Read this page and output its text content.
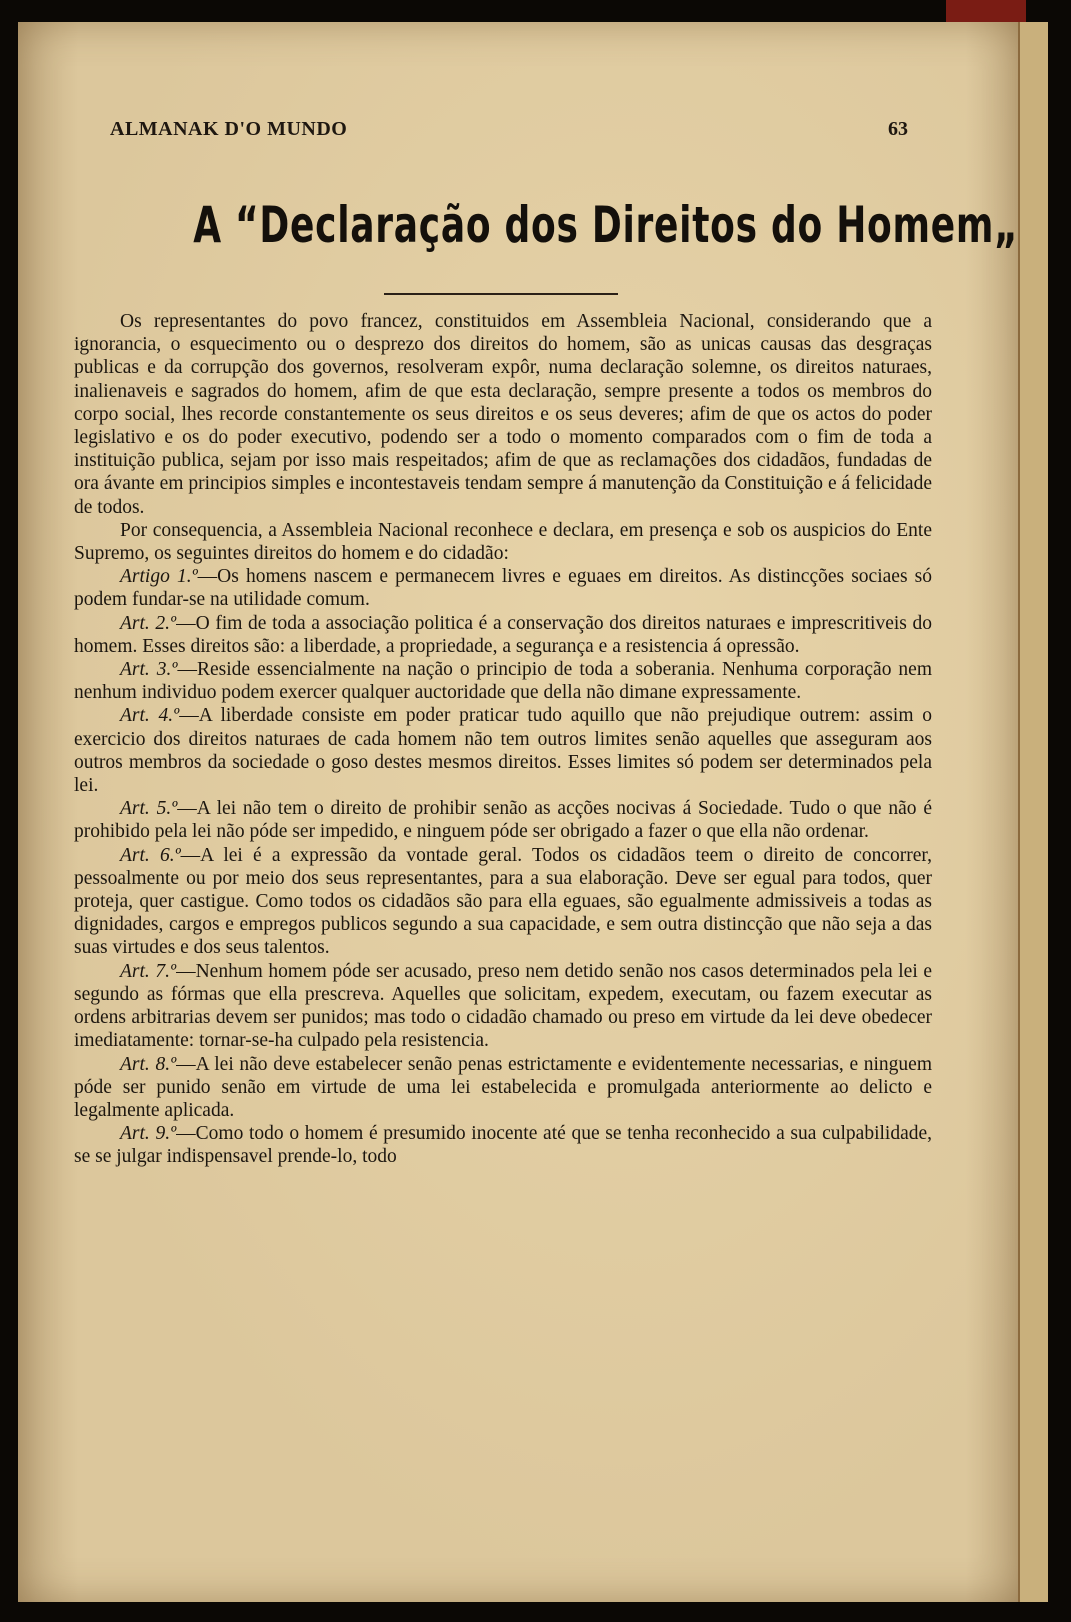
ALMANAK D'O MUNDO	63
A “Declaração dos Direitos do Homem„

Os representantes do povo francez, constituidos em Assembleia Nacional, considerando que a ignorancia, o esquecimento ou o desprezo dos direitos do homem, são as unicas causas das desgraças publicas e da corrupção dos governos, resolveram expôr, numa declaração solemne, os direitos naturaes, inalienaveis e sagrados do homem, afim de que esta declaração, sempre presente a todos os membros do corpo social, lhes recorde constantemente os seus direitos e os seus deveres; afim de que os actos do poder legislativo e os do poder executivo, podendo ser a todo o momento comparados com o fim de toda a instituição publica, sejam por isso mais respeitados; afim de que as reclamações dos cidadãos, fundadas de ora ávante em principios simples e incontestaveis tendam sempre á manutenção da Constituição e á felicidade de todos.

Por consequencia, a Assembleia Nacional reconhece e declara, em presença e sob os auspicios do Ente Supremo, os seguintes direitos do homem e do cidadão:

Artigo 1.º—Os homens nascem e permanecem livres e eguaes em direitos. As distincções sociaes só podem fundar-se na utilidade comum.

Art. 2.º—O fim de toda a associação politica é a conservação dos direitos naturaes e imprescritiveis do homem. Esses direitos são: a liberdade, a propriedade, a segurança e a resistencia á opressão.

Art. 3.º—Reside essencialmente na nação o principio de toda a soberania. Nenhuma corporação nem nenhum individuo podem exercer qualquer auctoridade que della não dimane expressamente.

Art. 4.º—A liberdade consiste em poder praticar tudo aquillo que não prejudique outrem: assim o exercicio dos direitos naturaes de cada homem não tem outros limites senão aquelles que asseguram aos outros membros da sociedade o goso destes mesmos direitos. Esses limites só podem ser determinados pela lei.

Art. 5.º—A lei não tem o direito de prohibir senão as acções nocivas á Sociedade. Tudo o que não é prohibido pela lei não póde ser impedido, e ninguem póde ser obrigado a fazer o que ella não ordenar.

Art. 6.º—A lei é a expressão da vontade geral. Todos os cidadãos teem o direito de concorrer, pessoalmente ou por meio dos seus representantes, para a sua elaboração. Deve ser egual para todos, quer proteja, quer castigue. Como todos os cidadãos são para ella eguaes, são egualmente admissiveis a todas as dignidades, cargos e empregos publicos segundo a sua capacidade, e sem outra distincção que não seja a das suas virtudes e dos seus talentos.

Art. 7.º—Nenhum homem póde ser acusado, preso nem detido senão nos casos determinados pela lei e segundo as fórmas que ella prescreva. Aquelles que solicitam, expedem, executam, ou fazem executar as ordens arbitrarias devem ser punidos; mas todo o cidadão chamado ou preso em virtude da lei deve obedecer imediatamente: tornar-se-ha culpado pela resistencia.

Art. 8.º—A lei não deve estabelecer senão penas estrictamente e evidentemente necessarias, e ninguem póde ser punido senão em virtude de uma lei estabelecida e promulgada anteriormente ao delicto e legalmente aplicada.

Art. 9.º—Como todo o homem é presumido inocente até que se tenha reconhecido a sua culpabilidade, se se julgar indispensavel prende-lo, todo
